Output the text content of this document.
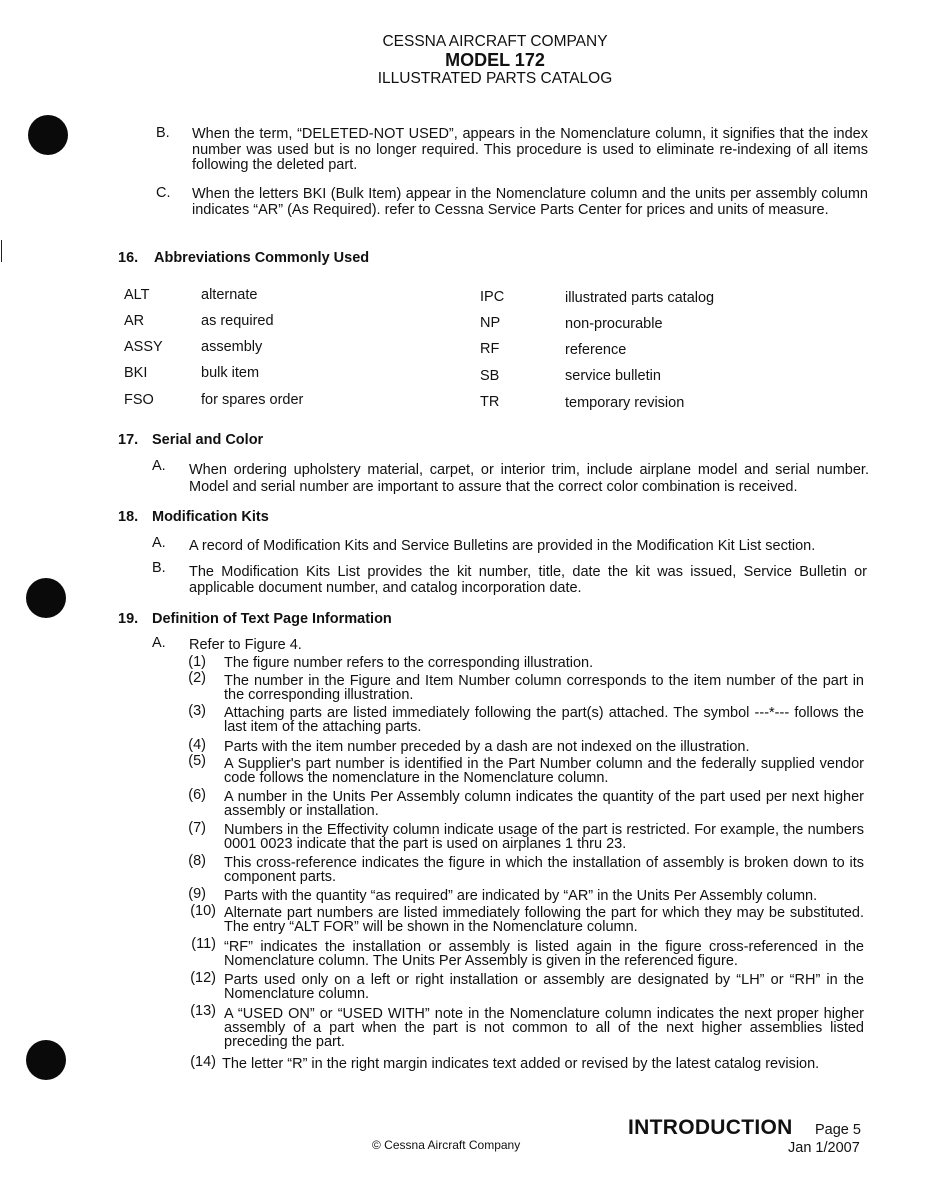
CESSNA AIRCRAFT COMPANY
MODEL 172
ILLUSTRATED PARTS CATALOG
B. When the term, “DELETED-NOT USED”, appears in the Nomenclature column, it signifies that the index number was used but is no longer required. This procedure is used to eliminate re-indexing of all items following the deleted part.
C. When the letters BKI (Bulk Item) appear in the Nomenclature column and the units per assembly column indicates “AR” (As Required). refer to Cessna Service Parts Center for prices and units of measure.
16. Abbreviations Commonly Used
ALT	alternate
AR	as required
ASSY	assembly
BKI	bulk item
FSO	for spares order
IPC	illustrated parts catalog
NP	non-procurable
RF	reference
SB	service bulletin
TR	temporary revision
17. Serial and Color
A. When ordering upholstery material, carpet, or interior trim, include airplane model and serial number. Model and serial number are important to assure that the correct color combination is received.
18. Modification Kits
A. A record of Modification Kits and Service Bulletins are provided in the Modification Kit List section.
B. The Modification Kits List provides the kit number, title, date the kit was issued, Service Bulletin or applicable document number, and catalog incorporation date.
19. Definition of Text Page Information
A. Refer to Figure 4.
(1) The figure number refers to the corresponding illustration.
(2) The number in the Figure and Item Number column corresponds to the item number of the part in the corresponding illustration.
(3) Attaching parts are listed immediately following the part(s) attached. The symbol ---*--- follows the last item of the attaching parts.
(4) Parts with the item number preceded by a dash are not indexed on the illustration.
(5) A Supplier's part number is identified in the Part Number column and the federally supplied vendor code follows the nomenclature in the Nomenclature column.
(6) A number in the Units Per Assembly column indicates the quantity of the part used per next higher assembly or installation.
(7) Numbers in the Effectivity column indicate usage of the part is restricted. For example, the numbers 0001 0023 indicate that the part is used on airplanes 1 thru 23.
(8) This cross-reference indicates the figure in which the installation of assembly is broken down to its component parts.
(9) Parts with the quantity “as required” are indicated by “AR” in the Units Per Assembly column.
(10) Alternate part numbers are listed immediately following the part for which they may be substituted. The entry “ALT FOR” will be shown in the Nomenclature column.
(11) “RF” indicates the installation or assembly is listed again in the figure cross-referenced in the Nomenclature column. The Units Per Assembly is given in the referenced figure.
(12) Parts used only on a left or right installation or assembly are designated by “LH” or “RH” in the Nomenclature column.
(13) A “USED ON” or “USED WITH” note in the Nomenclature column indicates the next proper higher assembly of a part when the part is not common to all of the next higher assemblies listed preceding the part.
(14) The letter “R” in the right margin indicates text added or revised by the latest catalog revision.
INTRODUCTION Page 5
© Cessna Aircraft Company	Jan 1/2007
